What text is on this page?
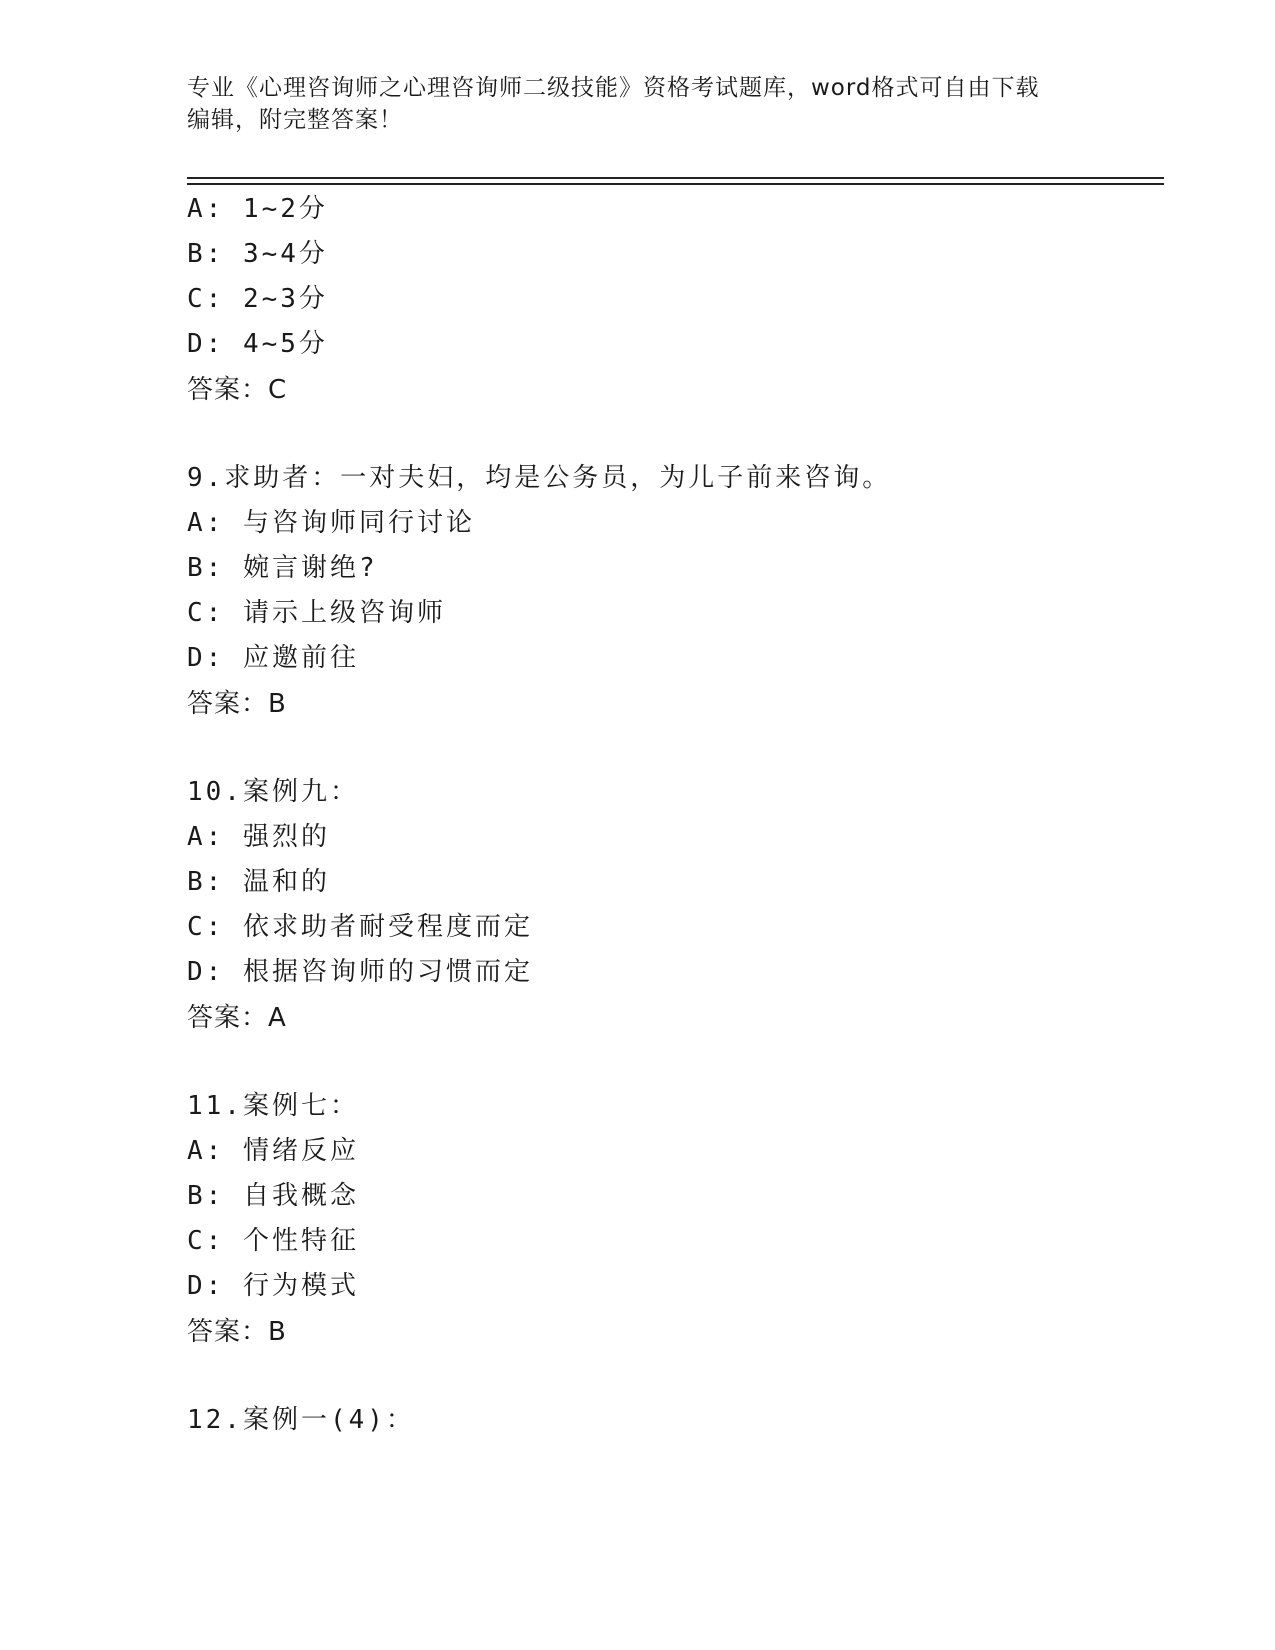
专业《心理咨询师之心理咨询师二级技能》资格考试题库，word格式可自由下载
编辑，附完整答案！
A: 1~2分
B: 3~4分
C: 2~3分
D: 4~5分
答案：C
9.求助者：一对夫妇，均是公务员，为儿子前来咨询。
A: 与咨询师同行讨论
B: 婉言谢绝?
C: 请示上级咨询师
D: 应邀前往
答案：B
10.案例九：
A: 强烈的
B: 温和的
C: 依求助者耐受程度而定
D: 根据咨询师的习惯而定
答案：A
11.案例七：
A: 情绪反应
B: 自我概念
C: 个性特征
D: 行为模式
答案：B
12.案例一(4)：
